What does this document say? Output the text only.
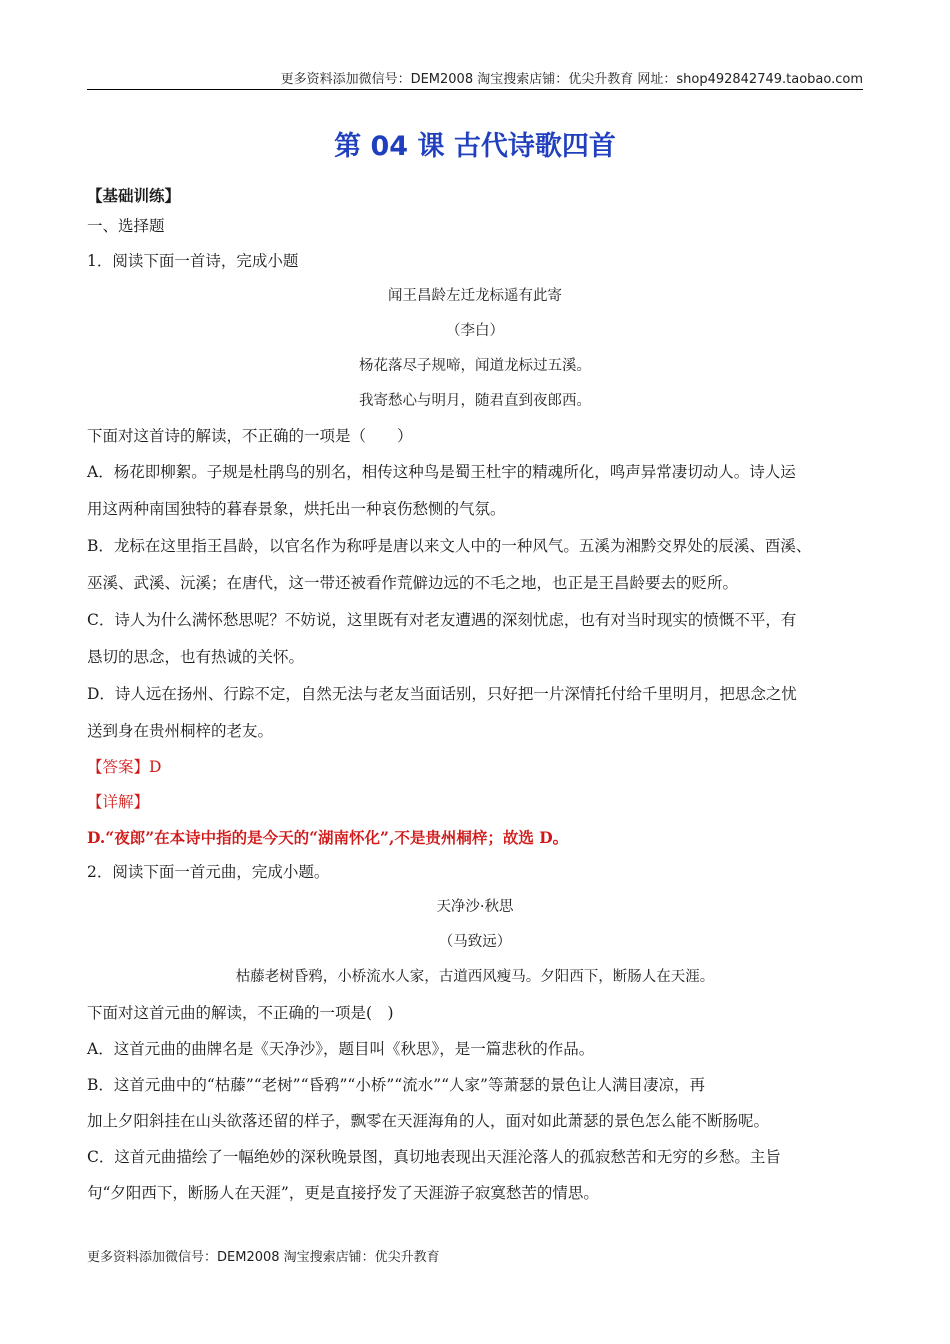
更多资料添加微信号：DEM2008 淘宝搜索店铺：优尖升教育 网址：shop492842749.taobao.com
第 04 课 古代诗歌四首
【基础训练】
一、选择题
1．阅读下面一首诗，完成小题
闻王昌龄左迁龙标遥有此寄
（李白）
杨花落尽子规啼，闻道龙标过五溪。
我寄愁心与明月，随君直到夜郎西。
下面对这首诗的解读，不正确的一项是（　　）
A．杨花即柳絮。子规是杜鹃鸟的别名，相传这种鸟是蜀王杜宇的精魂所化，鸣声异常凄切动人。诗人运
用这两种南国独特的暮春景象，烘托出一种哀伤愁恻的气氛。
B．龙标在这里指王昌龄，以官名作为称呼是唐以来文人中的一种风气。五溪为湘黔交界处的辰溪、酉溪、
巫溪、武溪、沅溪；在唐代，这一带还被看作荒僻边远的不毛之地，也正是王昌龄要去的贬所。
C．诗人为什么满怀愁思呢？不妨说，这里既有对老友遭遇的深刻忧虑，也有对当时现实的愤慨不平，有
恳切的思念，也有热诚的关怀。
D．诗人远在扬州、行踪不定，自然无法与老友当面话别，只好把一片深情托付给千里明月，把思念之忧
送到身在贵州桐梓的老友。
【答案】D
【详解】
D.“夜郎”在本诗中指的是今天的“湖南怀化”,不是贵州桐梓；故选 D。
2．阅读下面一首元曲，完成小题。
天净沙·秋思
（马致远）
枯藤老树昏鸦，小桥流水人家，古道西风瘦马。夕阳西下，断肠人在天涯。
下面对这首元曲的解读，不正确的一项是(　)
A．这首元曲的曲牌名是《天净沙》，题目叫《秋思》，是一篇悲秋的作品。
B．这首元曲中的“枯藤”“老树”“昏鸦”“小桥”“流水”“人家”等萧瑟的景色让人满目凄凉，再
加上夕阳斜挂在山头欲落还留的样子，飘零在天涯海角的人，面对如此萧瑟的景色怎么能不断肠呢。
C．这首元曲描绘了一幅绝妙的深秋晚景图，真切地表现出天涯沦落人的孤寂愁苦和无穷的乡愁。主旨
句“夕阳西下，断肠人在天涯”，更是直接抒发了天涯游子寂寞愁苦的情思。
更多资料添加微信号：DEM2008 淘宝搜索店铺：优尖升教育
